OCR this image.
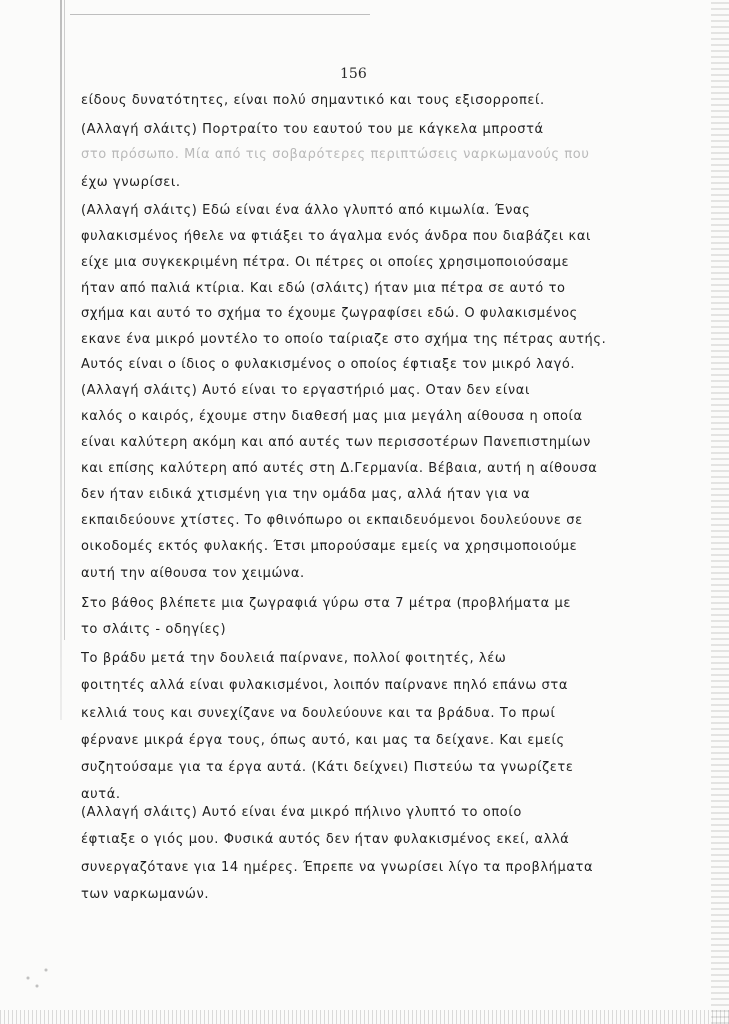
156
είδους δυνατότητες, είναι πολύ σημαντικό και τους εξισορροπεί.
(Αλλαγή σλάιτς) Πορτραίτο του εαυτού του με κάγκελα μπροστά
στο πρόσωπο. Μία από τις σοβαρότερες περιπτώσεις ναρκωμανούς που
έχω γνωρίσει.
(Αλλαγή σλάιτς) Εδώ είναι ένα άλλο γλυπτό από κιμωλία. Ένας
φυλακισμένος ήθελε να φτιάξει το άγαλμα ενός άνδρα που διαβάζει και
είχε μια συγκεκριμένη πέτρα. Οι πέτρες οι οποίες χρησιμοποιούσαμε
ήταν από παλιά κτίρια. Και εδώ (σλάιτς) ήταν μια πέτρα σε αυτό το
σχήμα και αυτό το σχήμα το έχουμε ζωγραφίσει εδώ. Ο φυλακισμένος
εκανε ένα μικρό μοντέλο το οποίο ταίριαζε στο σχήμα της πέτρας αυτής.
Αυτός είναι ο ίδιος ο φυλακισμένος ο οποίος έφτιαξε τον μικρό λαγό.
(Αλλαγή σλάιτς) Αυτό είναι το εργαστήριό μας. Οταν δεν είναι
καλός ο καιρός, έχουμε στην διαθεσή μας μια μεγάλη αίθουσα η οποία
είναι καλύτερη ακόμη και από αυτές των περισσοτέρων Πανεπιστημίων
και επίσης καλύτερη από αυτές στη Δ.Γερμανία. Βέβαια, αυτή η αίθουσα
δεν ήταν ειδικά χτισμένη για την ομάδα μας, αλλά ήταν για να
εκπαιδεύουνε χτίστες. Το φθινόπωρο οι εκπαιδευόμενοι δουλεύουνε σε
οικοδομές εκτός φυλακής. Έτσι μπορούσαμε εμείς να χρησιμοποιούμε
αυτή την αίθουσα τον χειμώνα.
Στο βάθος βλέπετε μια ζωγραφιά γύρω στα 7 μέτρα (προβλήματα με
το σλάιτς - οδηγίες)
Το βράδυ μετά την δουλειά παίρνανε, πολλοί φοιτητές, λέω
φοιτητές αλλά είναι φυλακισμένοι, λοιπόν παίρνανε πηλό επάνω στα
κελλιά τους και συνεχίζανε να δουλεύουνε και τα βράδυα. Το πρωί
φέρνανε μικρά έργα τους, όπως αυτό, και μας τα δείχανε. Και εμείς
συζητούσαμε για τα έργα αυτά. (Κάτι δείχνει) Πιστεύω τα γνωρίζετε
αυτά.
(Αλλαγή σλάιτς) Αυτό είναι ένα μικρό πήλινο γλυπτό το οποίο
έφτιαξε ο γιός μου. Φυσικά αυτός δεν ήταν φυλακισμένος εκεί, αλλά
συνεργαζότανε για 14 ημέρες. Έπρεπε να γνωρίσει λίγο τα προβλήματα
των ναρκωμανών.
